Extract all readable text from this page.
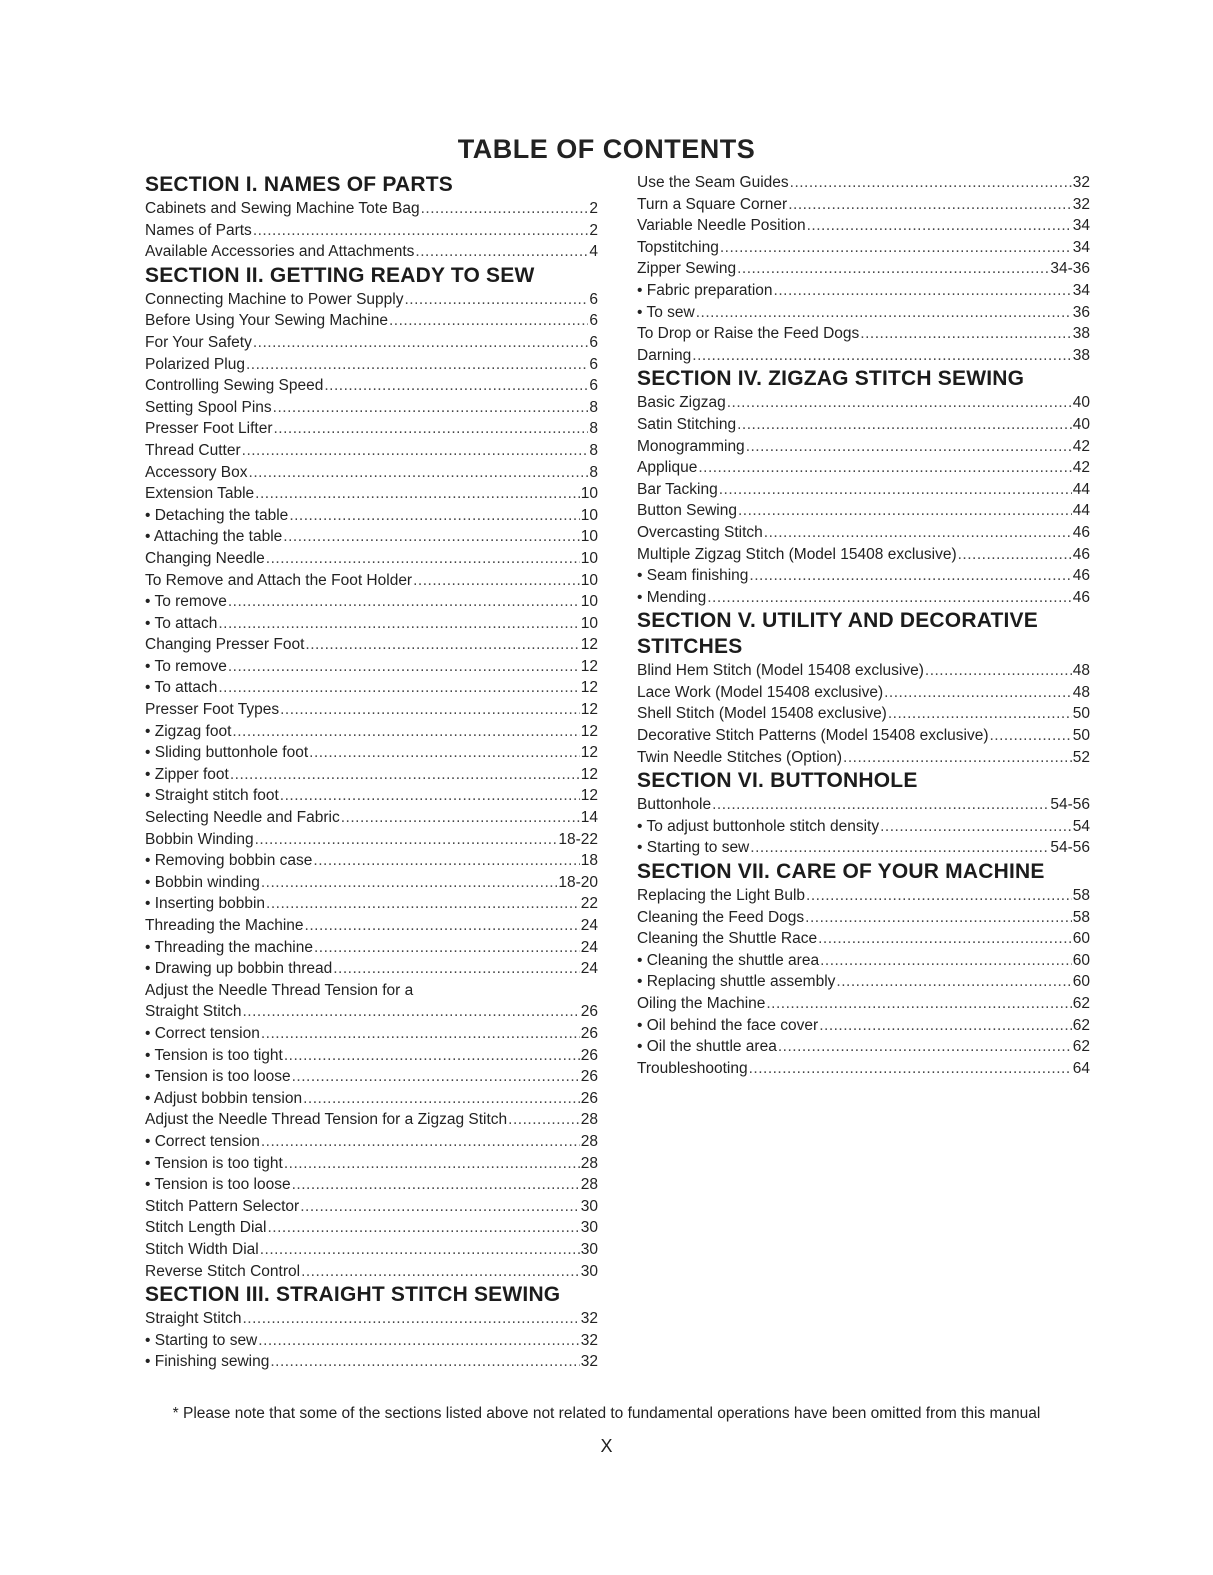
TABLE OF CONTENTS
SECTION I. NAMES OF PARTS
Cabinets and Sewing Machine Tote Bag .....	2
Names of Parts .....	2
Available Accessories and Attachments .....	4
SECTION II. GETTING READY TO SEW
Connecting Machine to Power Supply .....	6
Before Using Your Sewing Machine .....	6
For Your Safety .....	6
Polarized Plug .....	6
Controlling Sewing Speed .....	6
Setting Spool Pins .....	8
Presser Foot Lifter .....	8
Thread Cutter .....	8
Accessory Box .....	8
Extension Table .....	10
• Detaching the table .....	10
• Attaching the table .....	10
Changing Needle .....	10
To Remove and Attach the Foot Holder .....	10
• To remove .....	10
• To attach .....	10
Changing Presser Foot .....	12
• To remove .....	12
• To attach .....	12
Presser Foot Types .....	12
• Zigzag foot .....	12
• Sliding buttonhole foot .....	12
• Zipper foot .....	12
• Straight stitch foot .....	12
Selecting Needle and Fabric .....	14
Bobbin Winding .....	18-22
• Removing bobbin case .....	18
• Bobbin winding .....	18-20
• Inserting bobbin .....	22
Threading the Machine .....	24
• Threading the machine .....	24
• Drawing up bobbin thread .....	24
Adjust the Needle Thread Tension for a
Straight Stitch .....	26
• Correct tension .....	26
• Tension is too tight .....	26
• Tension is too loose .....	26
• Adjust bobbin tension .....	26
Adjust the Needle Thread Tension for a Zigzag Stitch .....	28
• Correct tension .....	28
• Tension is too tight .....	28
• Tension is too loose .....	28
Stitch Pattern Selector .....	30
Stitch Length Dial .....	30
Stitch Width Dial .....	30
Reverse Stitch Control .....	30
SECTION III. STRAIGHT STITCH SEWING
Straight Stitch .....	32
• Starting to sew .....	32
• Finishing sewing .....	32
Use the Seam Guides .....	32
Turn a Square Corner .....	32
Variable Needle Position .....	34
Topstitching .....	34
Zipper Sewing .....	34-36
• Fabric preparation .....	34
• To sew .....	36
To Drop or Raise the Feed Dogs .....	38
Darning .....	38
SECTION IV. ZIGZAG STITCH SEWING
Basic Zigzag .....	40
Satin Stitching .....	40
Monogramming .....	42
Applique .....	42
Bar Tacking .....	44
Button Sewing .....	44
Overcasting Stitch .....	46
Multiple Zigzag Stitch (Model 15408 exclusive) .....	46
• Seam finishing .....	46
• Mending .....	46
SECTION V. UTILITY AND DECORATIVE
STITCHES
Blind Hem Stitch (Model 15408 exclusive) .....	48
Lace Work (Model 15408 exclusive) .....	48
Shell Stitch (Model 15408 exclusive) .....	50
Decorative Stitch Patterns (Model 15408 exclusive) .....	50
Twin Needle Stitches (Option) .....	52
SECTION VI. BUTTONHOLE
Buttonhole .....	54-56
• To adjust buttonhole stitch density .....	54
• Starting to sew .....	54-56
SECTION VII. CARE OF YOUR MACHINE
Replacing the Light Bulb .....	58
Cleaning the Feed Dogs .....	58
Cleaning the Shuttle Race .....	60
• Cleaning the shuttle area .....	60
• Replacing shuttle assembly .....	60
Oiling the Machine .....	62
• Oil behind the face cover .....	62
• Oil the shuttle area .....	62
Troubleshooting .....	64

* Please note that some of the sections listed above not related to fundamental operations have been omitted from this manual

X
